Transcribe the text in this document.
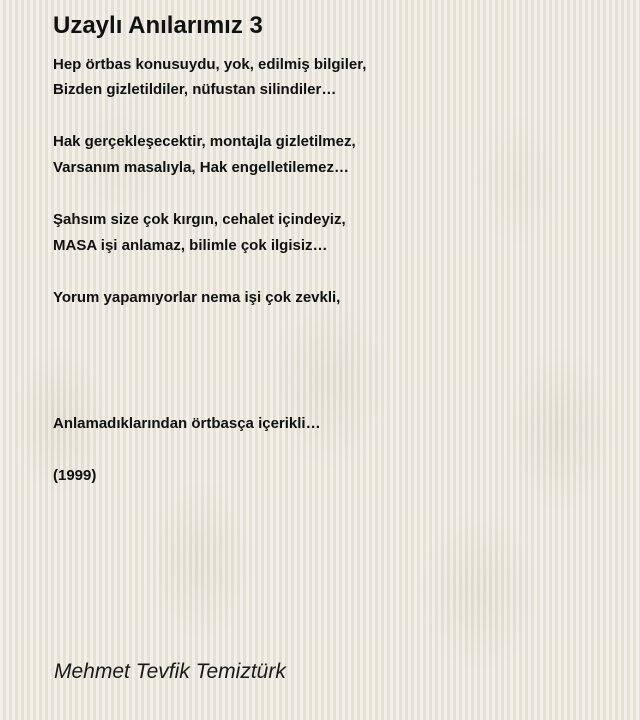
Uzaylı Anılarımız 3
Hep örtbas konusuydu, yok, edilmiş bilgiler,
Bizden gizletildiler, nüfustan silindiler…
Hak gerçekleşecektir, montajla gizletilmez,
Varsanım masalıyla, Hak engelletilemez…
Şahsım size çok kırgın, cehalet içindeyiz,
MASA işi anlamaz, bilimle çok ilgisiz…
Yorum yapamıyorlar nema işi çok zevkli,
Anlamadıklarından örtbasça içerikli…
(1999)
Mehmet Tevfik Temiztürk
